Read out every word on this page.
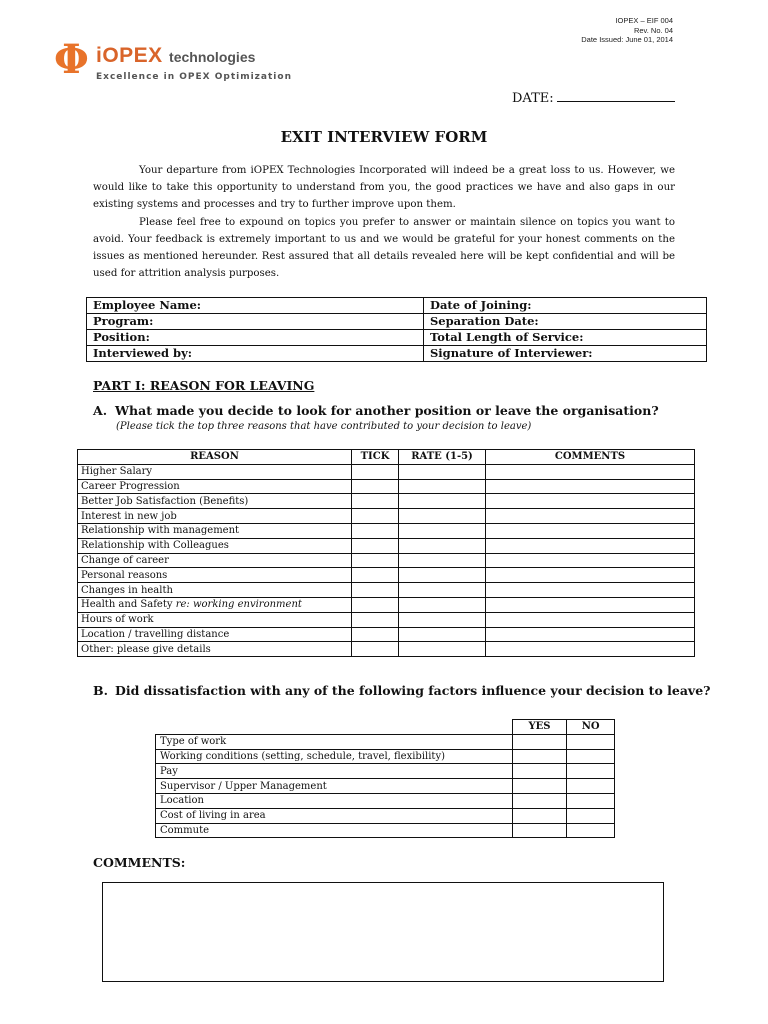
IOPEX – EIF 004
Rev. No. 04
Date Issued: June 01, 2014
Φ iOPEX technologies
Excellence in OPEX Optimization
DATE:
EXIT INTERVIEW FORM
Your departure from iOPEX Technologies Incorporated will indeed be a great loss to us. However, we would like to take this opportunity to understand from you, the good practices we have and also gaps in our existing systems and processes and try to further improve upon them.
Please feel free to expound on topics you prefer to answer or maintain silence on topics you want to avoid. Your feedback is extremely important to us and we would be grateful for your honest comments on the issues as mentioned hereunder. Rest assured that all details revealed here will be kept confidential and will be used for attrition analysis purposes.
Employee Name:	Date of Joining:
Program:	Separation Date:
Position:	Total Length of Service:
Interviewed by:	Signature of Interviewer:
PART I: REASON FOR LEAVING
A. What made you decide to look for another position or leave the organisation?
(Please tick the top three reasons that have contributed to your decision to leave)
REASON	TICK	RATE (1-5)	COMMENTS
Higher Salary			
Career Progression			
Better Job Satisfaction (Benefits)			
Interest in new job			
Relationship with management			
Relationship with Colleagues			
Change of career			
Personal reasons			
Changes in health			
Health and Safety re: working environment			
Hours of work			
Location / travelling distance			
Other: please give details			
B. Did dissatisfaction with any of the following factors influence your decision to leave?
	YES	NO
Type of work		
Working conditions (setting, schedule, travel, flexibility)		
Pay		
Supervisor / Upper Management		
Location		
Cost of living in area		
Commute		
COMMENTS:
